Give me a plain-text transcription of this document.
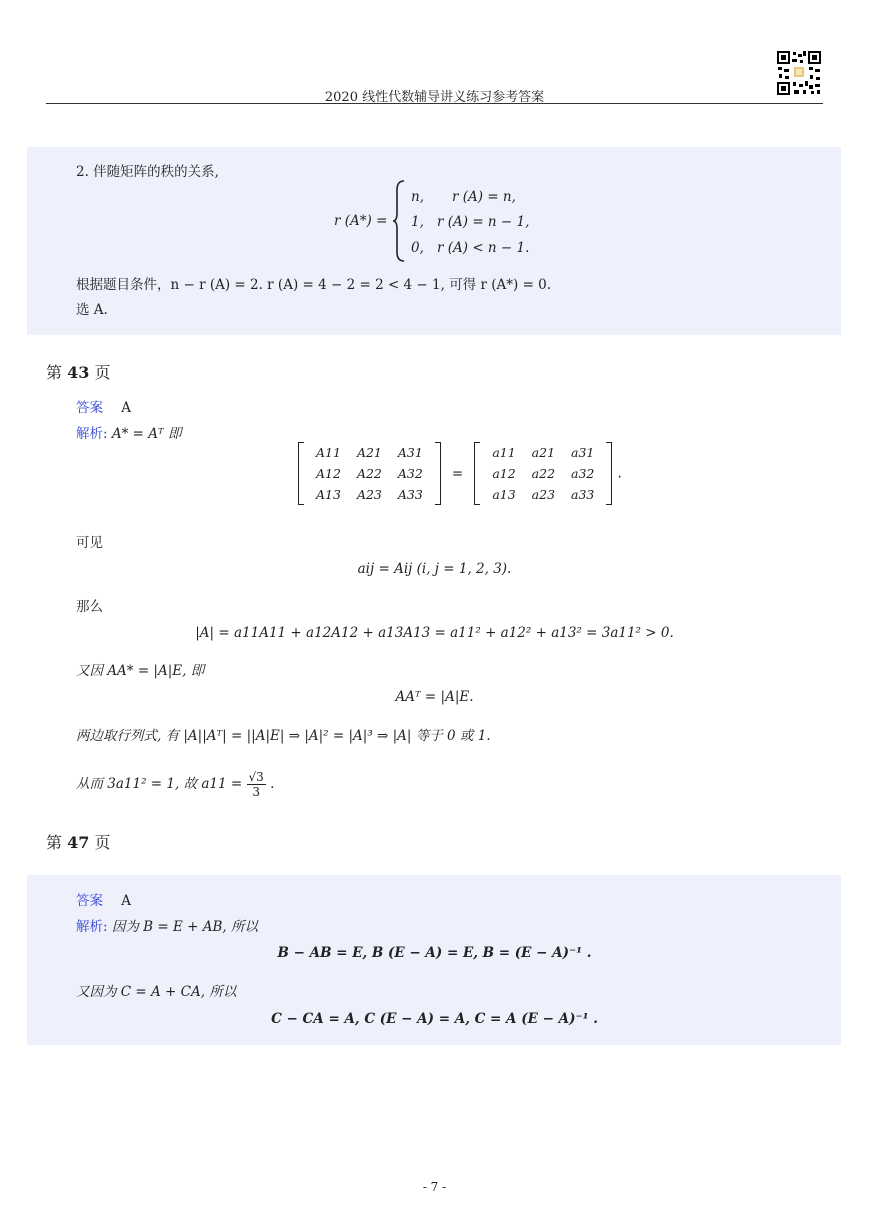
2020 线性代数辅导讲义练习参考答案
2. 伴随矩阵的秩的关系,
r (A*) =
n, r (A) = n,
1, r (A) = n − 1,
0, r (A) < n − 1.
根据题目条件，n − r (A) = 2. r (A) = 4 − 2 = 2 < 4 − 1, 可得 r (A*) = 0.
选 A.
第 43 页
答案 A
解析: A* = Aᵀ 即
A11	A21	A31
A12	A22	A32
A13	A23	A33
=
a11	a21	a31
a12	a22	a32
a13	a23	a33
.
可见
aij = Aij (i, j = 1, 2, 3).
那么
|A| = a11A11 + a12A12 + a13A13 = a11² + a12² + a13² = 3a11² > 0.
又因 AA* = |A|E, 即
AAᵀ = |A|E.
两边取行列式, 有 |A||Aᵀ| = ||A|E| ⇒ |A|² = |A|³ ⇒ |A| 等于 0 或 1.
从而 3a11² = 1, 故 $a11 = \frac{√3}{3}$ .
第 47 页
答案 A
解析: 因为 B = E + AB, 所以
B − AB = E, B (E − A) = E, B = (E − A)⁻¹ .
又因为 C = A + CA, 所以
C − CA = A, C (E − A) = A, C = A (E − A)⁻¹ .
- 7 -
